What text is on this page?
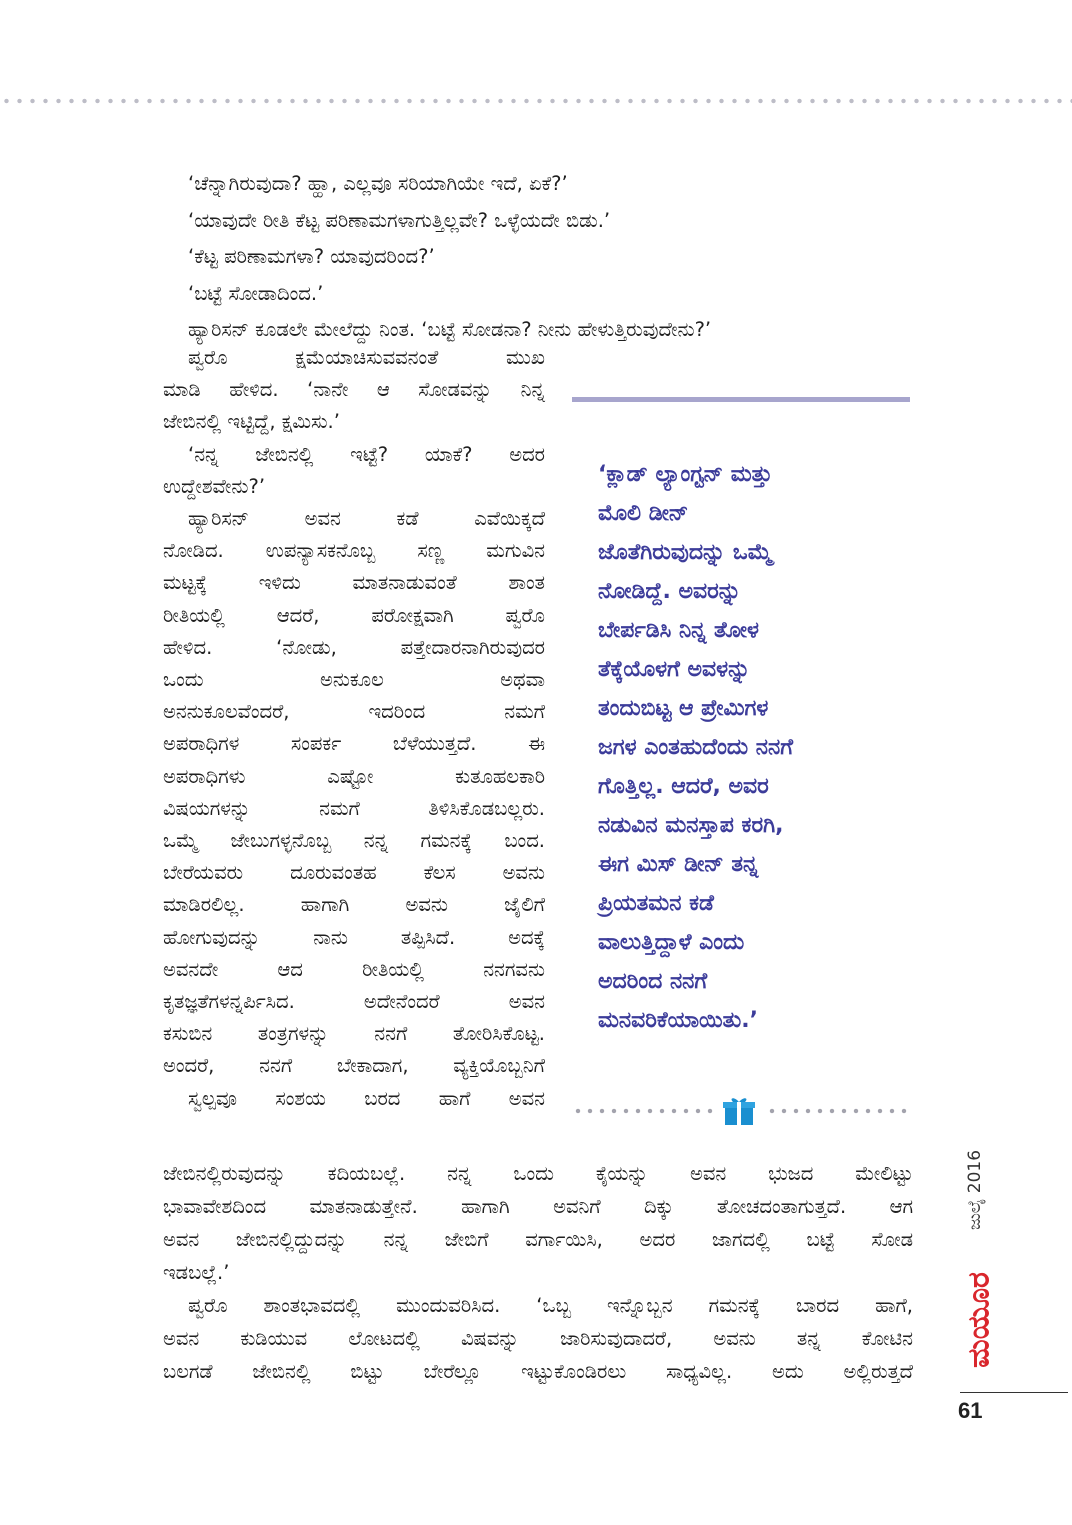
‘ಚೆನ್ನಾಗಿರುವುದಾ? ಹ್ಹಾ, ಎಲ್ಲವೂ ಸರಿಯಾಗಿಯೇ ಇದೆ, ಏಕೆ?’
‘ಯಾವುದೇ ರೀತಿ ಕೆಟ್ಟ ಪರಿಣಾಮಗಳಾಗುತ್ತಿಲ್ಲವೇ? ಒಳ್ಳೆಯದೇ ಬಿಡು.’
‘ಕೆಟ್ಟ ಪರಿಣಾಮಗಳಾ? ಯಾವುದರಿಂದ?’
‘ಬಟ್ಟೆ ಸೋಡಾದಿಂದ.’
ಹ್ಯಾರಿಸನ್ ಕೂಡಲೇ ಮೇಲೆದ್ದು ನಿಂತ. ‘ಬಟ್ಟೆ ಸೋಡನಾ? ನೀನು ಹೇಳುತ್ತಿರುವುದೇನು?’
ಪ್ವರೊ ಕ್ಷಮೆಯಾಚಿಸುವವನಂತೆ ಮುಖ
ಮಾಡಿ ಹೇಳಿದ. ‘ನಾನೇ ಆ ಸೋಡವನ್ನು ನಿನ್ನ
ಜೇಬಿನಲ್ಲಿ ಇಟ್ಟಿದ್ದೆ, ಕ್ಷಮಿಸು.’
‘ನನ್ನ ಜೇಬಿನಲ್ಲಿ ಇಟ್ಟೆ? ಯಾಕೆ? ಅದರ
ಉದ್ದೇಶವೇನು?’
ಹ್ಯಾರಿಸನ್ ಅವನ ಕಡೆ ಎವೆಯಿಕ್ಕದೆ
ನೋಡಿದ. ಉಪನ್ಯಾಸಕನೊಬ್ಬ ಸಣ್ಣ ಮಗುವಿನ
ಮಟ್ಟಕ್ಕೆ ಇಳಿದು ಮಾತನಾಡುವಂತೆ ಶಾಂತ
ರೀತಿಯಲ್ಲಿ ಆದರೆ, ಪರೋಕ್ಷವಾಗಿ ಪ್ವರೊ
ಹೇಳಿದ. ‘ನೋಡು, ಪತ್ತೇದಾರನಾಗಿರುವುದರ
ಒಂದು ಅನುಕೂಲ ಅಥವಾ
ಅನನುಕೂಲವೆಂದರೆ, ಇದರಿಂದ ನಮಗೆ
ಅಪರಾಧಿಗಳ ಸಂಪರ್ಕ ಬೆಳೆಯುತ್ತದೆ. ಈ
ಅಪರಾಧಿಗಳು ಎಷ್ಟೋ ಕುತೂಹಲಕಾರಿ
ವಿಷಯಗಳನ್ನು ನಮಗೆ ತಿಳಿಸಿಕೊಡಬಲ್ಲರು.
ಒಮ್ಮೆ ಜೇಬುಗಳ್ಳನೊಬ್ಬ ನನ್ನ ಗಮನಕ್ಕೆ ಬಂದ.
ಬೇರೆಯವರು ದೂರುವಂತಹ ಕೆಲಸ ಅವನು
ಮಾಡಿರಲಿಲ್ಲ. ಹಾಗಾಗಿ ಅವನು ಜೈಲಿಗೆ
ಹೋಗುವುದನ್ನು ನಾನು ತಪ್ಪಿಸಿದೆ. ಅದಕ್ಕೆ
ಅವನದೇ ಆದ ರೀತಿಯಲ್ಲಿ ನನಗವನು
ಕೃತಜ್ಞತೆಗಳನ್ನರ್ಪಿಸಿದ. ಅದೇನೆಂದರೆ ಅವನ
ಕಸುಬಿನ ತಂತ್ರಗಳನ್ನು ನನಗೆ ತೋರಿಸಿಕೊಟ್ಟ.
ಅಂದರೆ, ನನಗೆ ಬೇಕಾದಾಗ, ವ್ಯಕ್ತಿಯೊಬ್ಬನಿಗೆ
ಸ್ವಲ್ಪವೂ ಸಂಶಯ ಬರದ ಹಾಗೆ ಅವನ
ಜೇಬಿನಲ್ಲಿರುವುದನ್ನು ಕದಿಯಬಲ್ಲೆ. ನನ್ನ ಒಂದು ಕೈಯನ್ನು ಅವನ ಭುಜದ ಮೇಲಿಟ್ಟು
ಭಾವಾವೇಶದಿಂದ ಮಾತನಾಡುತ್ತೇನೆ. ಹಾಗಾಗಿ ಅವನಿಗೆ ದಿಕ್ಕು ತೋಚದಂತಾಗುತ್ತದೆ. ಆಗ
ಅವನ ಜೇಬಿನಲ್ಲಿದ್ದುದನ್ನು ನನ್ನ ಜೇಬಿಗೆ ವರ್ಗಾಯಿಸಿ, ಅದರ ಜಾಗದಲ್ಲಿ ಬಟ್ಟೆ ಸೋಡ
ಇಡಬಲ್ಲೆ.’
ಪ್ವರೊ ಶಾಂತಭಾವದಲ್ಲಿ ಮುಂದುವರಿಸಿದ. ‘ಒಬ್ಬ ಇನ್ನೊಬ್ಬನ ಗಮನಕ್ಕೆ ಬಾರದ ಹಾಗೆ,
ಅವನ ಕುಡಿಯುವ ಲೋಟದಲ್ಲಿ ವಿಷವನ್ನು ಜಾರಿಸುವುದಾದರೆ, ಅವನು ತನ್ನ ಕೋಟಿನ
ಬಲಗಡೆ ಜೇಬಿನಲ್ಲಿ ಬಿಟ್ಟು ಬೇರೆಲ್ಲೂ ಇಟ್ಟುಕೊಂಡಿರಲು ಸಾಧ್ಯವಿಲ್ಲ. ಅದು ಅಲ್ಲಿರುತ್ತದೆ
‘ಕ್ಲಾಡ್ ಲ್ಯಾಂಗ್ಟನ್ ಮತ್ತು
ಮೊಲಿ ಡೀನ್
ಜೊತೆಗಿರುವುದನ್ನು ಒಮ್ಮೆ
ನೋಡಿದ್ದೆ. ಅವರನ್ನು
ಬೇರ್ಪಡಿಸಿ ನಿನ್ನ ತೋಳ
ತೆಕ್ಕೆಯೊಳಗೆ ಅವಳನ್ನು
ತಂದುಬಿಟ್ಟ ಆ ಪ್ರೇಮಿಗಳ
ಜಗಳ ಎಂತಹುದೆಂದು ನನಗೆ
ಗೊತ್ತಿಲ್ಲ. ಆದರೆ, ಅವರ
ನಡುವಿನ ಮನಸ್ತಾಪ ಕರಗಿ,
ಈಗ ಮಿಸ್ ಡೀನ್ ತನ್ನ
ಪ್ರಿಯತಮನ ಕಡೆ
ವಾಲುತ್ತಿದ್ದಾಳೆ ಎಂದು
ಅದರಿಂದ ನನಗೆ
ಮನವರಿಕೆಯಾಯಿತು.’
ಜುಲೈ 2016
ಮಯೂರ
61
